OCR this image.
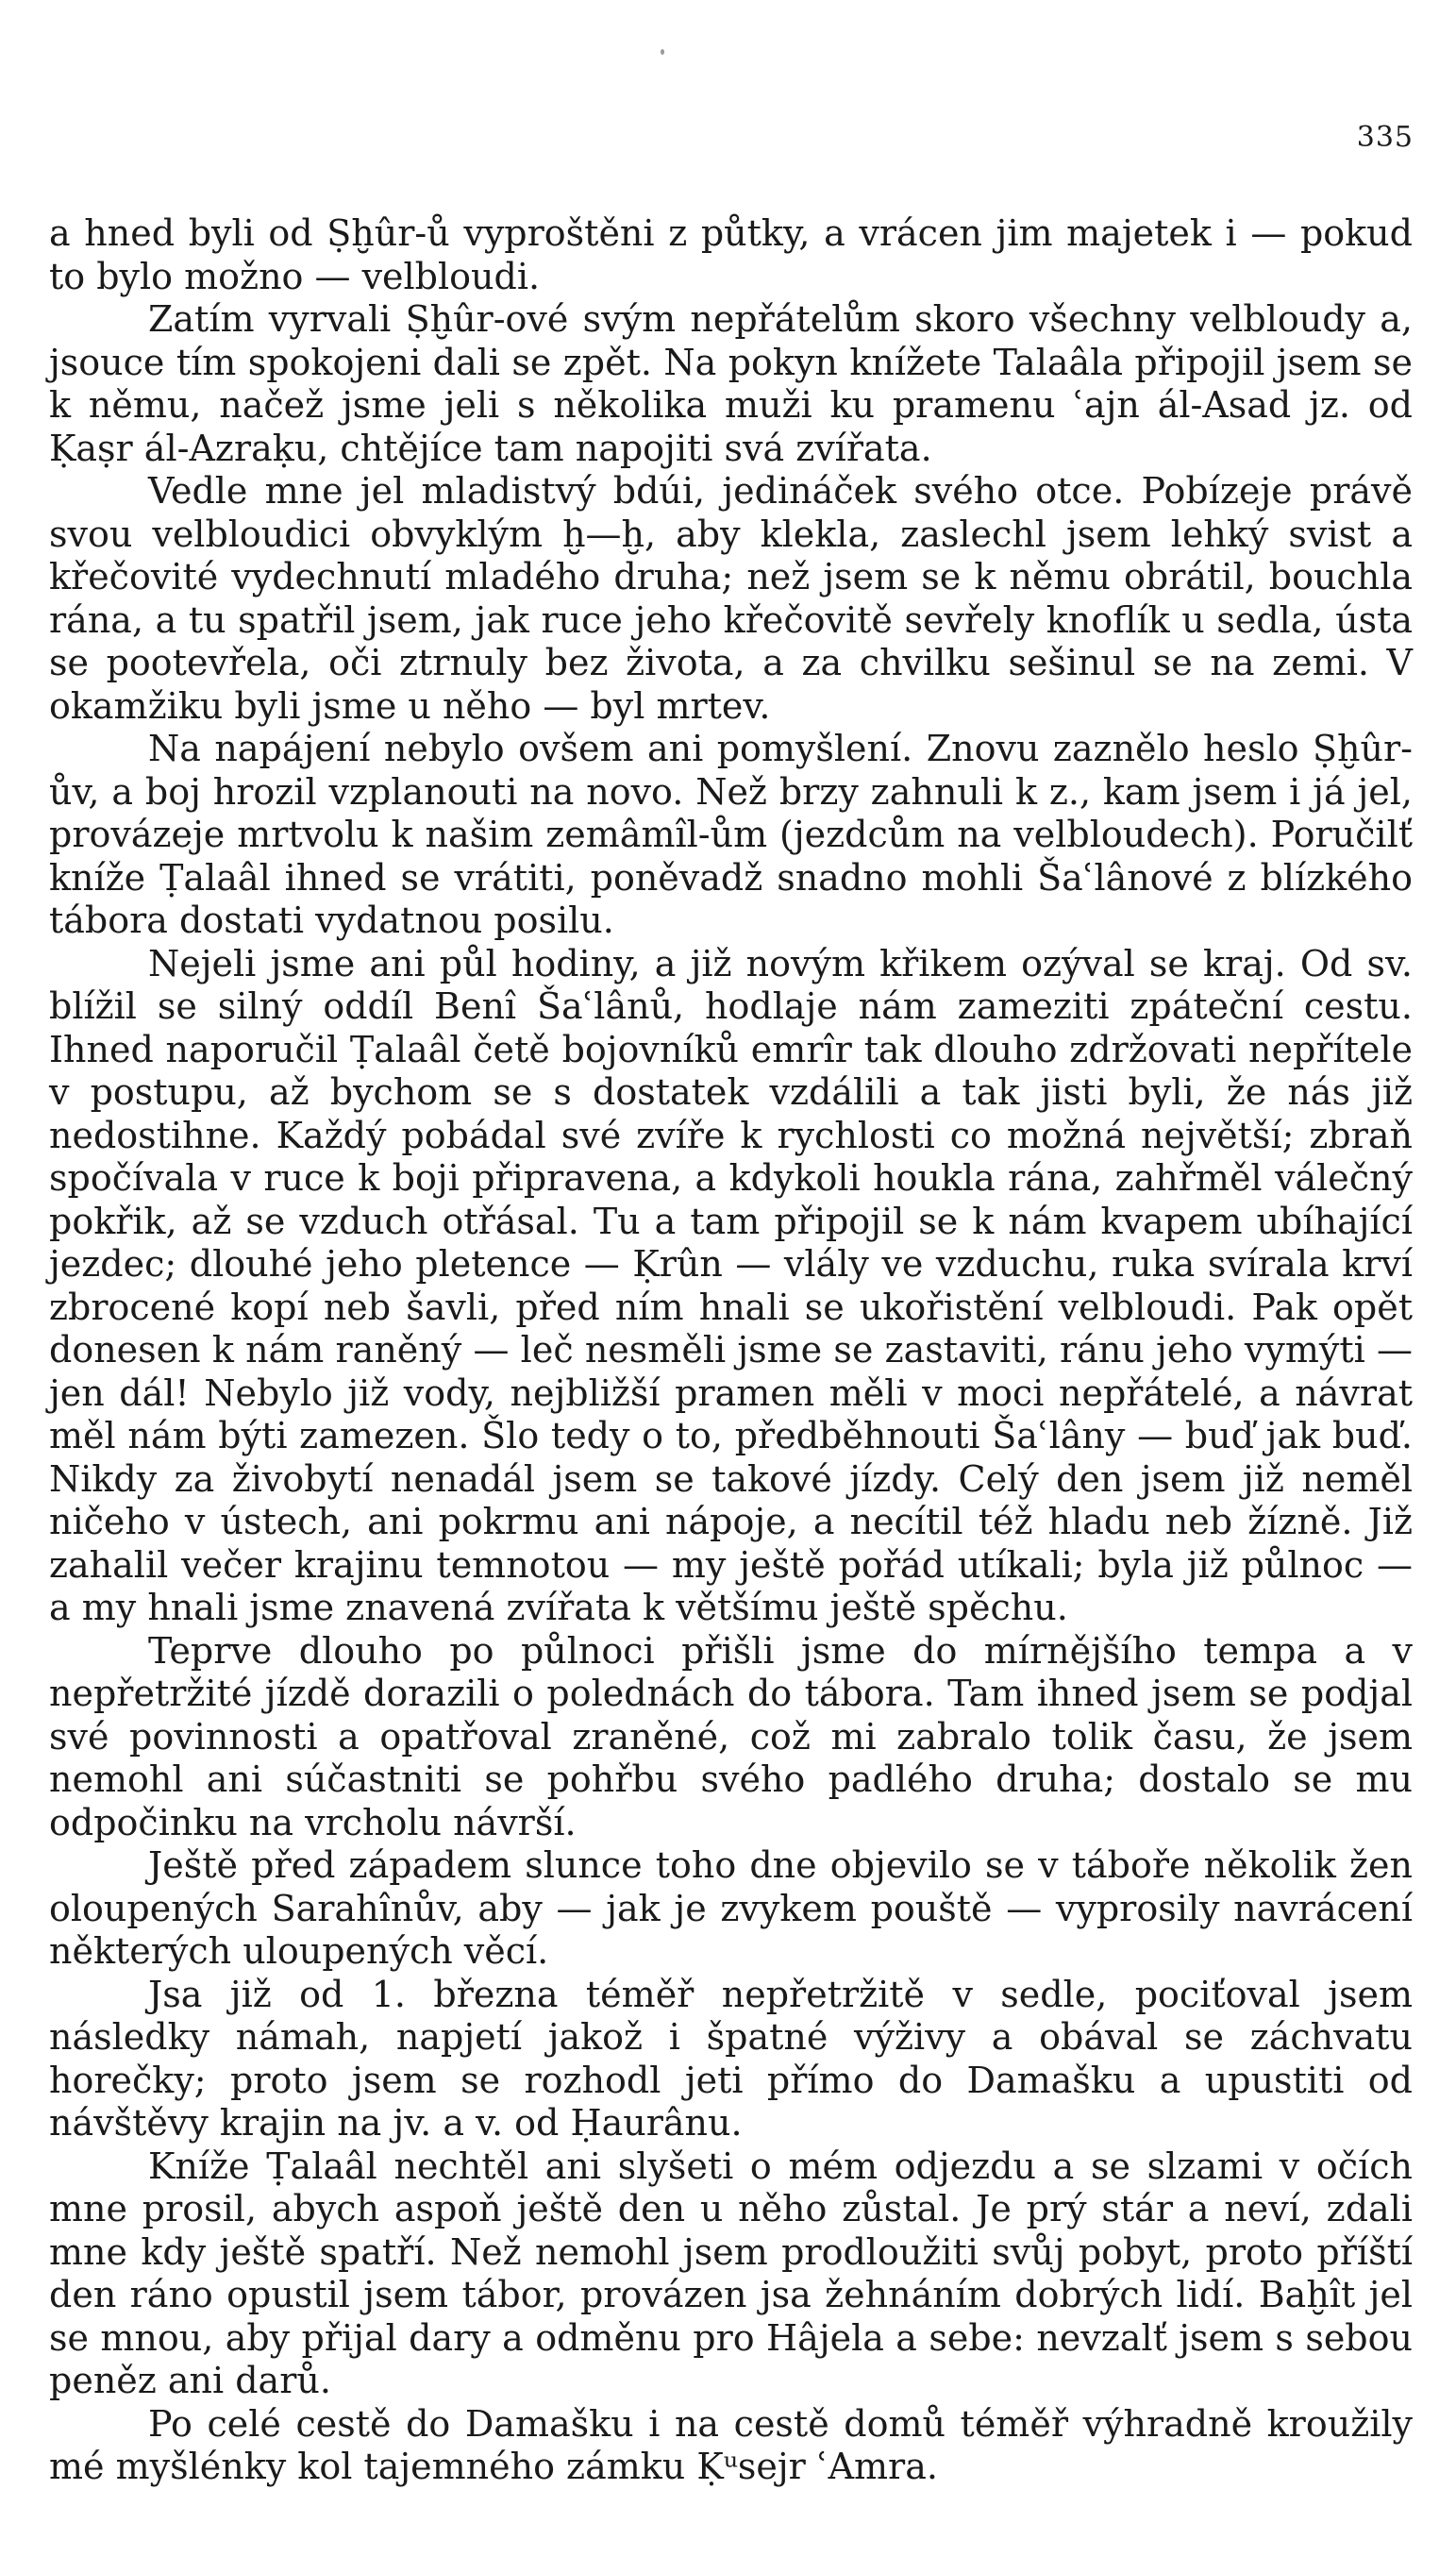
335

a hned byli od Ṣḫûr-ů vyproštěni z půtky, a vrácen jim majetek i — pokud to bylo možno — velbloudi.

Zatím vyrvali Ṣḫûr-ové svým nepřátelům skoro všechny velbloudy a, jsouce tím spokojeni dali se zpět. Na pokyn knížete Talaâla připojil jsem se k němu, načež jsme jeli s několika muži ku pramenu ʿajn ál-Asad jz. od Ḳaṣr ál-Azraḳu, chtějíce tam napojiti svá zvířata.

Vedle mne jel mladistvý bdúi, jedináček svého otce. Pobízeje právě svou velbloudici obvyklým ḫ—ḫ, aby klekla, zaslechl jsem lehký svist a křečovité vydechnutí mladého druha; než jsem se k němu obrátil, bouchla rána, a tu spatřil jsem, jak ruce jeho křečovitě sevřely knoflík u sedla, ústa se pootevřela, oči ztrnuly bez života, a za chvilku sešinul se na zemi. V okamžiku byli jsme u něho — byl mrtev.

Na napájení nebylo ovšem ani pomyšlení. Znovu zaznělo heslo Ṣḫûr-ův, a boj hrozil vzplanouti na novo. Než brzy zahnuli k z., kam jsem i já jel, provázeje mrtvolu k našim zemâmîl-ům (jezdcům na velbloudech). Poručilť kníže Ṭalaâl ihned se vrátiti, poněvadž snadno mohli Šaʿlânové z blízkého tábora dostati vydatnou posilu.

Nejeli jsme ani půl hodiny, a již novým křikem ozýval se kraj. Od sv. blížil se silný oddíl Benî Šaʿlânů, hodlaje nám zameziti zpáteční cestu. Ihned naporučil Ṭalaâl četě bojovníků emrîr tak dlouho zdržovati nepřítele v postupu, až bychom se s dostatek vzdálili a tak jisti byli, že nás již nedostihne. Každý pobádal své zvíře k rychlosti co možná největší; zbraň spočívala v ruce k boji připravena, a kdykoli houkla rána, zahřměl válečný pokřik, až se vzduch otřásal. Tu a tam připojil se k nám kvapem ubíhající jezdec; dlouhé jeho pletence — Ḳrûn — vlály ve vzduchu, ruka svírala krví zbrocené kopí neb šavli, před ním hnali se ukořistění velbloudi. Pak opět donesen k nám raněný — leč nesměli jsme se zastaviti, ránu jeho vymýti — jen dál! Nebylo již vody, nejbližší pramen měli v moci nepřátelé, a návrat měl nám býti zamezen. Šlo tedy o to, předběhnouti Šaʿlâny — buď jak buď. Nikdy za živobytí nenadál jsem se takové jízdy. Celý den jsem již neměl ničeho v ústech, ani pokrmu ani nápoje, a necítil též hladu neb žízně. Již zahalil večer krajinu temnotou — my ještě pořád utíkali; byla již půlnoc — a my hnali jsme znavená zvířata k většímu ještě spěchu.

Teprve dlouho po půlnoci přišli jsme do mírnějšího tempa a v nepřetržité jízdě dorazili o polednách do tábora. Tam ihned jsem se podjal své povinnosti a opatřoval zraněné, což mi zabralo tolik času, že jsem nemohl ani súčastniti se pohřbu svého padlého druha; dostalo se mu odpočinku na vrcholu návrší.

Ještě před západem slunce toho dne objevilo se v táboře několik žen oloupených Sarahînův, aby — jak je zvykem pouště — vyprosily navrácení některých uloupených věcí.

Jsa již od 1. března téměř nepřetržitě v sedle, pociťoval jsem následky námah, napjetí jakož i špatné výživy a obával se záchvatu horečky; proto jsem se rozhodl jeti přímo do Damašku a upustiti od návštěvy krajin na jv. a v. od Ḥaurânu.

Kníže Ṭalaâl nechtěl ani slyšeti o mém odjezdu a se slzami v očích mne prosil, abych aspoň ještě den u něho zůstal. Je prý stár a neví, zdali mne kdy ještě spatří. Než nemohl jsem prodloužiti svůj pobyt, proto příští den ráno opustil jsem tábor, provázen jsa žehnáním dobrých lidí. Baḫît jel se mnou, aby přijal dary a odměnu pro Hâjela a sebe: nevzalť jsem s sebou peněz ani darů.

Po celé cestě do Damašku i na cestě domů téměř výhradně kroužily mé myšlénky kol tajemného zámku Ḳᵘsejr ʿAmra.
